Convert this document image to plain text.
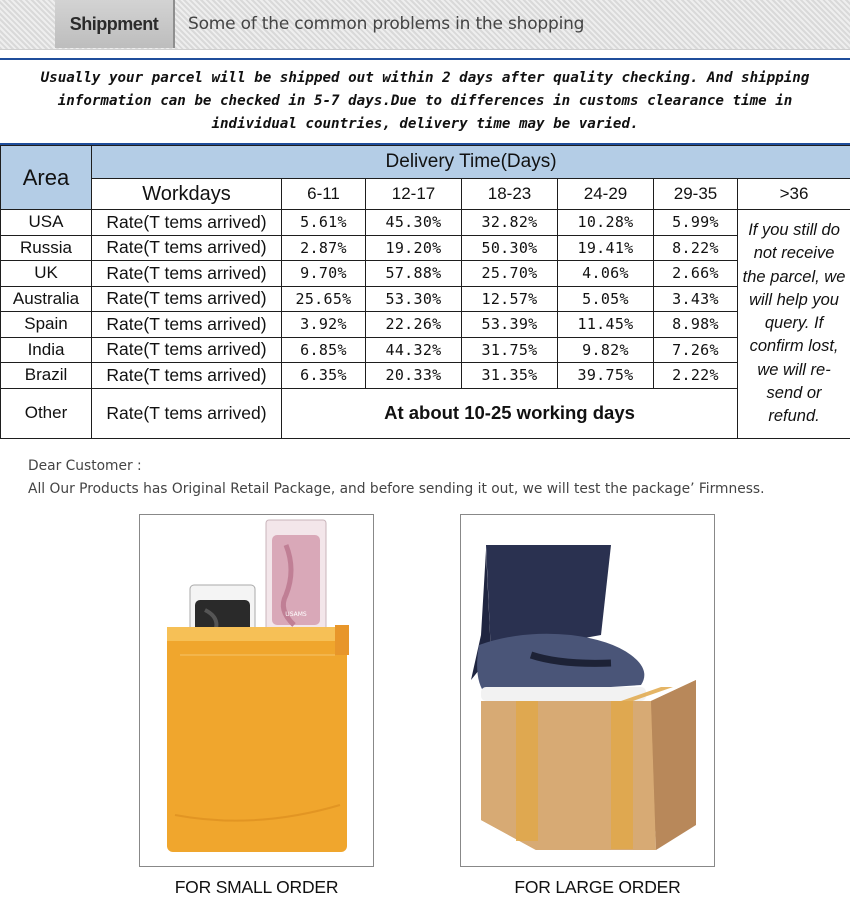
Shippment	Some of the common problems in the shopping

Usually your parcel will be shipped out within 2 days after quality checking. And shipping
information can be checked in 5-7 days.Due to differences in customs clearance time in
individual countries, delivery time may be varied.

Area	Delivery Time(Days)						
	Workdays	6-11	12-17	18-23	24-29	29-35	>36
USA	Rate(T tems arrived)	5.61%	45.30%	32.82%	10.28%	5.99%	If you still do not receive the parcel, we will help you query. If confirm lost, we will re-send or refund.
Russia	Rate(T tems arrived)	2.87%	19.20%	50.30%	19.41%	8.22%	
UK	Rate(T tems arrived)	9.70%	57.88%	25.70%	4.06%	2.66%	
Australia	Rate(T tems arrived)	25.65%	53.30%	12.57%	5.05%	3.43%	
Spain	Rate(T tems arrived)	3.92%	22.26%	53.39%	11.45%	8.98%	
India	Rate(T tems arrived)	6.85%	44.32%	31.75%	9.82%	7.26%	
Brazil	Rate(T tems arrived)	6.35%	20.33%	31.35%	39.75%	2.22%	
Other	Rate(T tems arrived)	At about 10-25 working days					
Dear Customer :
All Our Products has Original Retail Package, and before sending it out, we will test the package’ Firmness.
USAMS
FOR SMALL ORDER	FOR LARGE ORDER
